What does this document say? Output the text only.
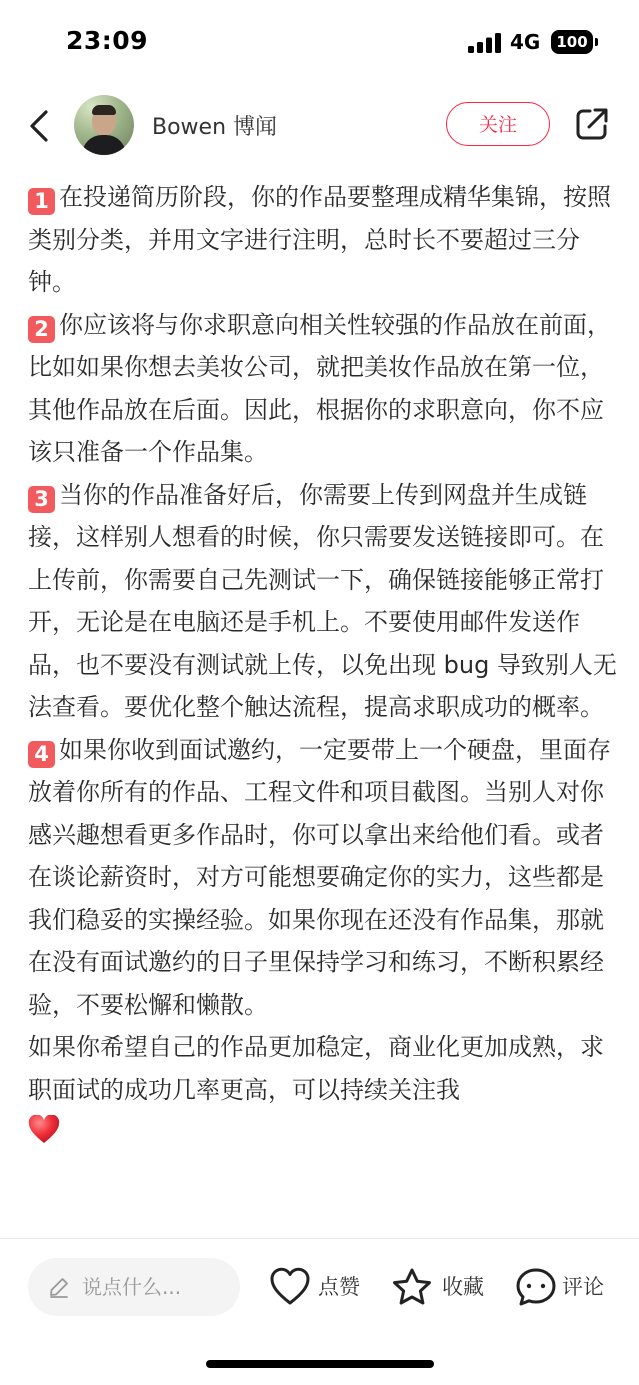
23:09	4G	100
Bowen 博闻	关注

1 在投递简历阶段，你的作品要整理成精华集锦，按照类别分类，并用文字进行注明，总时长不要超过三分钟。

2 你应该将与你求职意向相关性较强的作品放在前面，比如如果你想去美妆公司，就把美妆作品放在第一位，其他作品放在后面。因此，根据你的求职意向，你不应该只准备一个作品集。

3 当你的作品准备好后，你需要上传到网盘并生成链接，这样别人想看的时候，你只需要发送链接即可。在上传前，你需要自己先测试一下，确保链接能够正常打开，无论是在电脑还是手机上。不要使用邮件发送作品，也不要没有测试就上传，以免出现 bug 导致别人无法查看。要优化整个触达流程，提高求职成功的概率。

4 如果你收到面试邀约，一定要带上一个硬盘，里面存放着你所有的作品、工程文件和项目截图。当别人对你感兴趣想看更多作品时，你可以拿出来给他们看。或者在谈论薪资时，对方可能想要确定你的实力，这些都是我们稳妥的实操经验。如果你现在还没有作品集，那就在没有面试邀约的日子里保持学习和练习，不断积累经验，不要松懈和懒散。

如果你希望自己的作品更加稳定，商业化更加成熟，求职面试的成功几率更高，可以持续关注我

说点什么...	点赞	收藏	评论
